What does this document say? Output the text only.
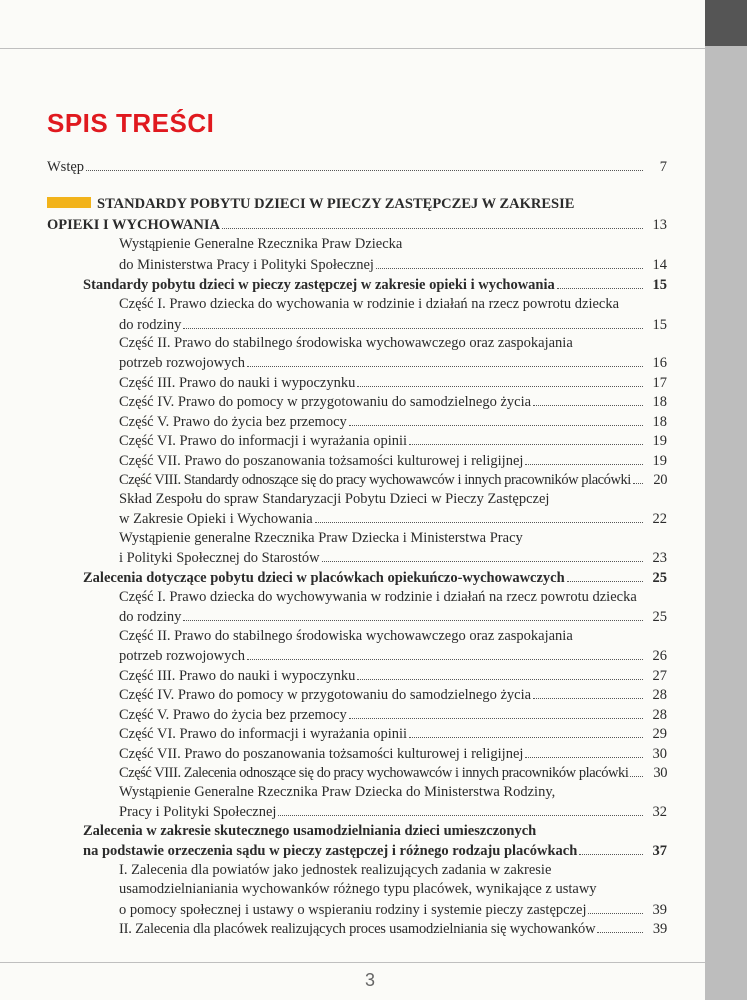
SPIS TREŚCI
Wstęp	7
STANDARDY POBYTU DZIECI W PIECZY ZASTĘPCZEJ W ZAKRESIE
OPIEKI I WYCHOWANIA	13
Wystąpienie Generalne Rzecznika Praw Dziecka
do Ministerstwa Pracy i Polityki Społecznej	14
Standardy pobytu dzieci w pieczy zastępczej w zakresie opieki i wychowania	15
Część I. Prawo dziecka do wychowania w rodzinie i działań na rzecz powrotu dziecka
do rodziny	15
Część II. Prawo do stabilnego środowiska wychowawczego oraz zaspokajania
potrzeb rozwojowych	16
Część III. Prawo do nauki i wypoczynku	17
Część IV. Prawo do pomocy w przygotowaniu do samodzielnego życia	18
Część V. Prawo do życia bez przemocy	18
Część VI. Prawo do informacji i wyrażania opinii	19
Część VII. Prawo do poszanowania tożsamości kulturowej i religijnej	19
Część VIII. Standardy odnoszące się do pracy wychowawców i innych pracowników placówki	20
Skład Zespołu do spraw Standaryzacji Pobytu Dzieci w Pieczy Zastępczej
w Zakresie Opieki i Wychowania	22
Wystąpienie generalne Rzecznika Praw Dziecka i Ministerstwa Pracy
i Polityki Społecznej do Starostów	23
Zalecenia dotyczące pobytu dzieci w placówkach opiekuńczo-wychowawczych	25
Część I. Prawo dziecka do wychowywania w rodzinie i działań na rzecz powrotu dziecka
do rodziny	25
Część II. Prawo do stabilnego środowiska wychowawczego oraz zaspokajania
potrzeb rozwojowych	26
Część III. Prawo do nauki i wypoczynku	27
Część IV. Prawo do pomocy w przygotowaniu do samodzielnego życia	28
Część V. Prawo do życia bez przemocy	28
Część VI. Prawo do informacji i wyrażania opinii	29
Część VII. Prawo do poszanowania tożsamości kulturowej i religijnej	30
Część VIII. Zalecenia odnoszące się do pracy wychowawców i innych pracowników placówki	30
Wystąpienie Generalne Rzecznika Praw Dziecka do Ministerstwa Rodziny,
Pracy i Polityki Społecznej	32
Zalecenia w zakresie skutecznego usamodzielniania dzieci umieszczonych
na podstawie orzeczenia sądu w pieczy zastępczej i różnego rodzaju placówkach	37
I. Zalecenia dla powiatów jako jednostek realizujących zadania w zakresie
usamodzielnianiania wychowanków różnego typu placówek, wynikające z ustawy
o pomocy społecznej i ustawy o wspieraniu rodziny i systemie pieczy zastępczej	39
II. Zalecenia dla placówek realizujących proces usamodzielniania się wychowanków	39
3
